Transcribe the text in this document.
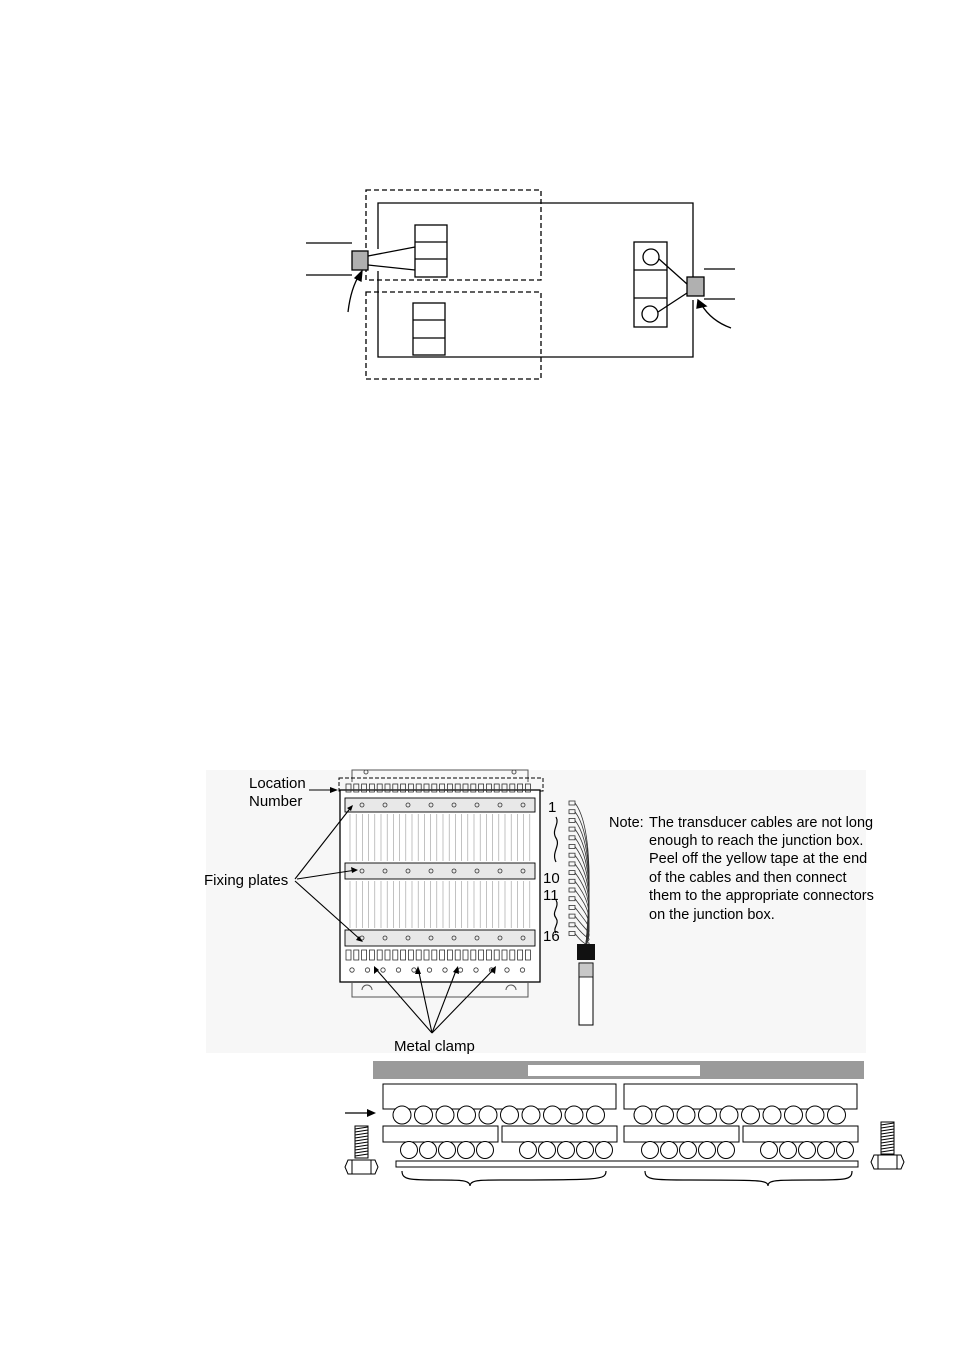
Location
Number
Fixing plates
Metal clamp
1
10
11
16
Note: The transducer cables are not long
enough to reach the junction box.
Peel off the yellow tape at the end
of the cables and then connect
them to the appropriate connectors
on the junction box.
